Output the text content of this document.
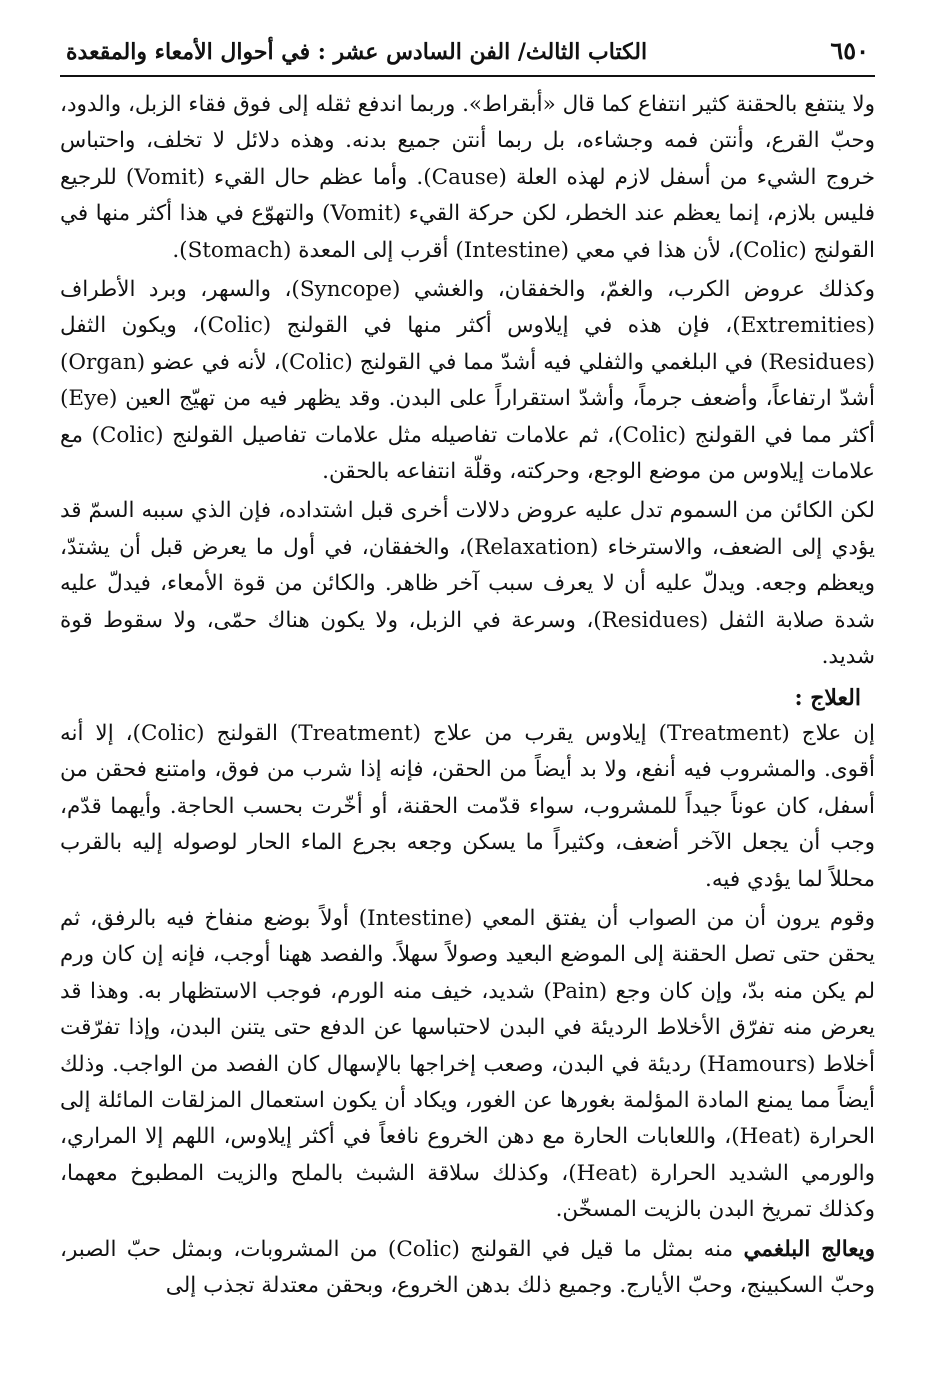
٦٥٠
الكتاب الثالث/ الفن السادس عشر : في أحوال الأمعاء والمقعدة

ولا ينتفع بالحقنة كثير انتفاع كما قال «أبقراط». وربما اندفع ثقله إلى فوق فقاء الزبل، والدود، وحبّ القرع، وأنتن فمه وجشاءه، بل ربما أنتن جميع بدنه. وهذه دلائل لا تخلف، واحتباس خروج الشيء من أسفل لازم لهذه العلة (Cause). وأما عظم حال القيء (Vomit) للرجيع فليس بلازم، إنما يعظم عند الخطر، لكن حركة القيء (Vomit) والتهوّع في هذا أكثر منها في القولنج (Colic)، لأن هذا في معي (Intestine) أقرب إلى المعدة (Stomach).

وكذلك عروض الكرب، والغمّ، والخفقان، والغشي (Syncope)، والسهر، وبرد الأطراف (Extremities)، فإن هذه في إيلاوس أكثر منها في القولنج (Colic)، ويكون الثفل (Residues) في البلغمي والثفلي فيه أشدّ مما في القولنج (Colic)، لأنه في عضو (Organ) أشدّ ارتفاعاً، وأضعف جرماً، وأشدّ استقراراً على البدن. وقد يظهر فيه من تهيّج العين (Eye) أكثر مما في القولنج (Colic)، ثم علامات تفاصيله مثل علامات تفاصيل القولنج (Colic) مع علامات إيلاوس من موضع الوجع، وحركته، وقلّة انتفاعه بالحقن.

لكن الكائن من السموم تدل عليه عروض دلالات أخرى قبل اشتداده، فإن الذي سببه السمّ قد يؤدي إلى الضعف، والاسترخاء (Relaxation)، والخفقان، في أول ما يعرض قبل أن يشتدّ، ويعظم وجعه. ويدلّ عليه أن لا يعرف سبب آخر ظاهر. والكائن من قوة الأمعاء، فيدلّ عليه شدة صلابة الثفل (Residues)، وسرعة في الزبل، ولا يكون هناك حمّى، ولا سقوط قوة شديد.

العلاج :

إن علاج (Treatment) إيلاوس يقرب من علاج (Treatment) القولنج (Colic)، إلا أنه أقوى. والمشروب فيه أنفع، ولا بد أيضاً من الحقن، فإنه إذا شرب من فوق، وامتنع فحقن من أسفل، كان عوناً جيداً للمشروب، سواء قدّمت الحقنة، أو أخّرت بحسب الحاجة. وأيهما قدّم، وجب أن يجعل الآخر أضعف، وكثيراً ما يسكن وجعه بجرع الماء الحار لوصوله إليه بالقرب محللاً لما يؤدي فيه.

وقوم يرون أن من الصواب أن يفتق المعي (Intestine) أولاً بوضع منفاخ فيه بالرفق، ثم يحقن حتى تصل الحقنة إلى الموضع البعيد وصولاً سهلاً. والفصد ههنا أوجب، فإنه إن كان ورم لم يكن منه بدّ، وإن كان وجع (Pain) شديد، خيف منه الورم، فوجب الاستظهار به. وهذا قد يعرض منه تفرّق الأخلاط الرديئة في البدن لاحتباسها عن الدفع حتى يتنن البدن، وإذا تفرّقت أخلاط (Hamours) رديئة في البدن، وصعب إخراجها بالإسهال كان الفصد من الواجب. وذلك أيضاً مما يمنع المادة المؤلمة بغورها عن الغور، ويكاد أن يكون استعمال المزلقات المائلة إلى الحرارة (Heat)، واللعابات الحارة مع دهن الخروع نافعاً في أكثر إيلاوس، اللهم إلا المراري، والورمي الشديد الحرارة (Heat)، وكذلك سلاقة الشبث بالملح والزيت المطبوخ معهما، وكذلك تمريخ البدن بالزيت المسخّن.

ويعالج البلغمي منه بمثل ما قيل في القولنج (Colic) من المشروبات، وبمثل حبّ الصبر، وحبّ السكبينج، وحبّ الأيارج. وجميع ذلك بدهن الخروع، وبحقن معتدلة تجذب إلى
